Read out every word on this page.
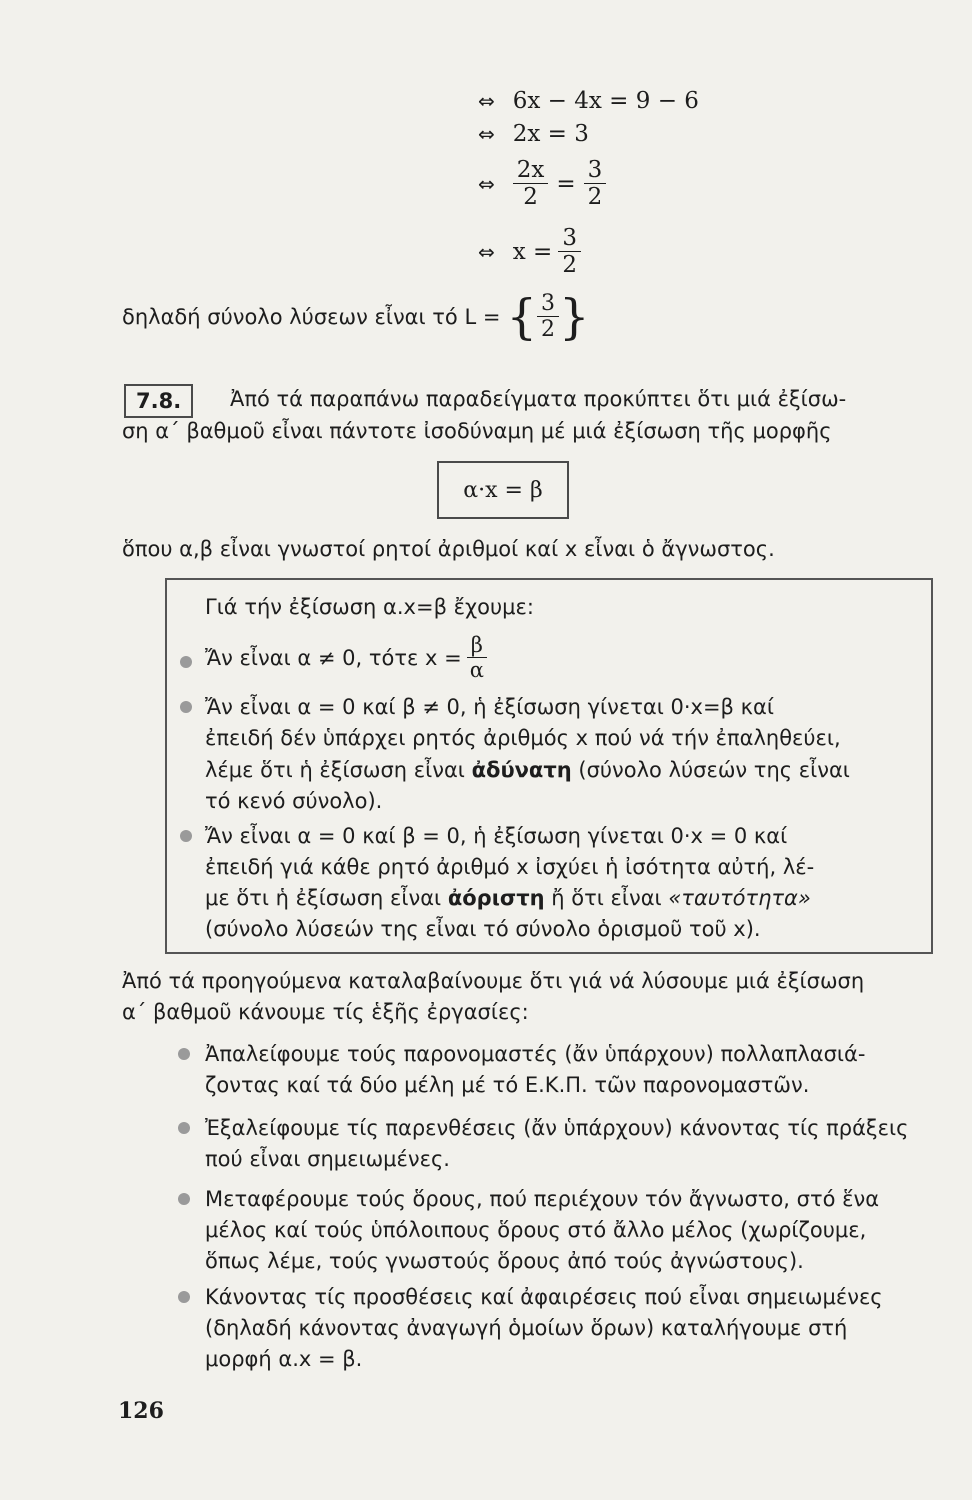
⇔ 6x − 4x = 9 − 6
⇔ 2x = 3
⇔ $\frac{2x}{2} = \frac{3}{2}$
⇔ $x = \frac{3}{2}$
δηλαδή σύνολο λύσεων εἶναι τό L = { $\frac{3}{2}$ }
7.8.	Ἀπό τά παραπάνω παραδείγματα προκύπτει ὅτι μιά ἐξίσω-
ση α΄ βαθμοῦ εἶναι πάντοτε ἰσοδύναμη μέ μιά ἐξίσωση τῆς μορφῆς
α·x = β
ὅπου α,β εἶναι γνωστοί ρητοί ἀριθμοί καί x εἶναι ὁ ἄγνωστος.
Γιά τήν ἐξίσωση α.x=β ἔχουμε:
Ἄν εἶναι α ≠ 0, τότε $x = \frac{\beta}{\alpha}$
Ἄν εἶναι α = 0 καί β ≠ 0, ἡ ἐξίσωση γίνεται 0·x=β καί
ἐπειδή δέν ὑπάρχει ρητός ἀριθμός x πού νά τήν ἐπαληθεύει,
λέμε ὅτι ἡ ἐξίσωση εἶναι ἀδύνατη (σύνολο λύσεών της εἶναι
τό κενό σύνολο).
Ἄν εἶναι α = 0 καί β = 0, ἡ ἐξίσωση γίνεται 0·x = 0 καί
ἐπειδή γιά κάθε ρητό ἀριθμό x ἰσχύει ἡ ἰσότητα αὐτή, λέ-
με ὅτι ἡ ἐξίσωση εἶναι ἀόριστη ἤ ὅτι εἶναι «ταυτότητα»
(σύνολο λύσεών της εἶναι τό σύνολο ὁρισμοῦ τοῦ x).
Ἀπό τά προηγούμενα καταλαβαίνουμε ὅτι γιά νά λύσουμε μιά ἐξίσωση
α΄ βαθμοῦ κάνουμε τίς ἑξῆς ἐργασίες:
Ἀπαλείφουμε τούς παρονομαστές (ἄν ὑπάρχουν) πολλαπλασιά-
ζοντας καί τά δύο μέλη μέ τό Ε.Κ.Π. τῶν παρονομαστῶν.
Ἐξαλείφουμε τίς παρενθέσεις (ἄν ὑπάρχουν) κάνοντας τίς πράξεις
πού εἶναι σημειωμένες.
Μεταφέρουμε τούς ὅρους, πού περιέχουν τόν ἄγνωστο, στό ἕνα
μέλος καί τούς ὑπόλοιπους ὅρους στό ἄλλο μέλος (χωρίζουμε,
ὅπως λέμε, τούς γνωστούς ὅρους ἀπό τούς ἀγνώστους).
Κάνοντας τίς προσθέσεις καί ἀφαιρέσεις πού εἶναι σημειωμένες
(δηλαδή κάνοντας ἀναγωγή ὁμοίων ὅρων) καταλήγουμε στή
μορφή α.x = β.
126
